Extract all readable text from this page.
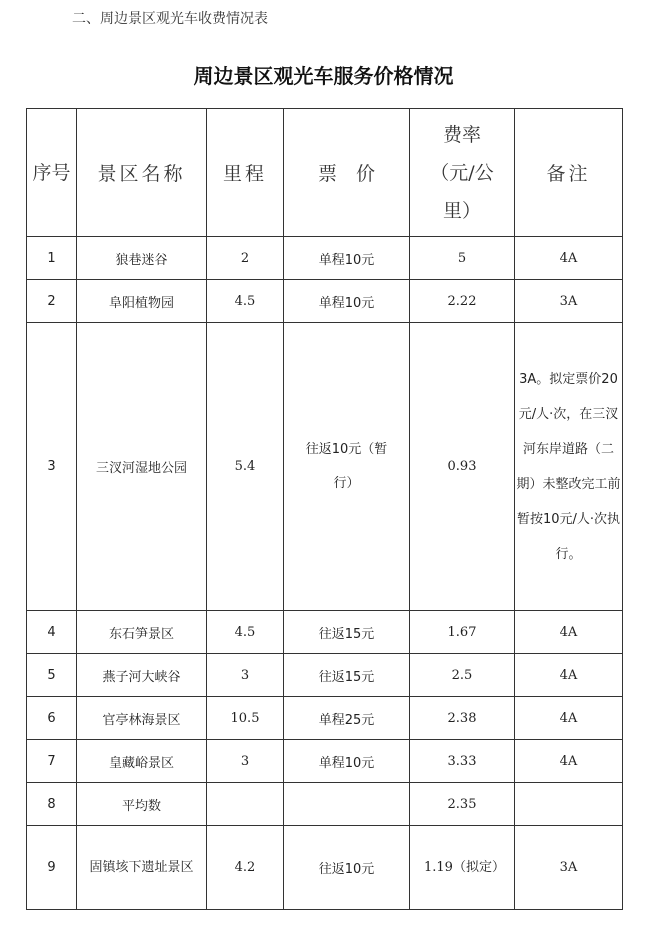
二、周边景区观光车收费情况表
周边景区观光车服务价格情况
序号	景区名称	里程	票　价	费率（元/公里）	备注
1	狼巷迷谷	2	单程10元	5	4A
2	阜阳植物园	4.5	单程10元	2.22	3A
3	三汊河湿地公园	5.4	往返10元（暂行）	0.93	3A。拟定票价20元/人·次，在三汊河东岸道路（二期）未整改完工前暂按10元/人·次执行。
4	东石笋景区	4.5	往返15元	1.67	4A
5	燕子河大峡谷	3	往返15元	2.5	4A
6	官亭林海景区	10.5	单程25元	2.38	4A
7	皇藏峪景区	3	单程10元	3.33	4A
8	平均数			2.35	
9	固镇垓下遗址景区	4.2	往返10元	1.19（拟定）	3A
